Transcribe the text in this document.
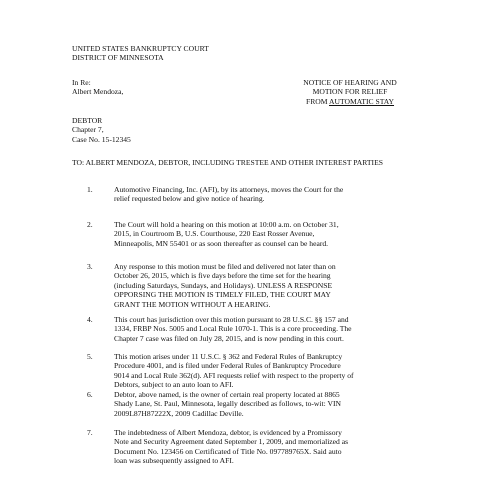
UNITED STATES BANKRUPTCY COURT
DISTRICT OF MINNESOTA
In Re:
Albert Mendoza,
NOTICE OF HEARING AND
MOTION FOR RELIEF
FROM AUTOMATIC STAY
DEBTOR
Chapter 7,
Case No. 15-12345
TO: ALBERT MENDOZA, DEBTOR, INCLUDING TRESTEE AND OTHER INTEREST PARTIES
1.	Automotive Financing, Inc. (AFI), by its attorneys, moves the Court for the
relief requested below and give notice of hearing.
2.	The Court will hold a hearing on this motion at 10:00 a.m. on October 31,
2015, in Courtroom B, U.S. Courthouse, 220 East Rosser Avenue,
Minneapolis, MN 55401 or as soon thereafter as counsel can be heard.
3.	Any response to this motion must be filed and delivered not later than on
October 26, 2015, which is five days before the time set for the hearing
(including Saturdays, Sundays, and Holidays). UNLESS A RESPONSE
OPPORSING THE MOTION IS TIMELY FILED, THE COURT MAY
GRANT THE MOTION WITHOUT A HEARING.
4.	This court has jurisdiction over this motion pursuant to 28 U.S.C. §§ 157 and
1334, FRBP Nos. 5005 and Local Rule 1070-1. This is a core proceeding. The
Chapter 7 case was filed on July 28, 2015, and is now pending in this court.
5.	This motion arises under 11 U.S.C. § 362 and Federal Rules of Bankruptcy
Procedure 4001, and is filed under Federal Rules of Bankruptcy Procedure
9014 and Local Rule 362(d). AFI requests relief with respect to the property of
Debtors, subject to an auto loan to AFI.
6.	Debtor, above named, is the owner of certain real property located at 8865
Shady Lane, St. Paul, Minnesota, legally described as follows, to-wit: VIN
2009L87H87222X, 2009 Cadillac Deville.
7.	The indebtedness of Albert Mendoza, debtor, is evidenced by a Promissory
Note and Security Agreement dated September 1, 2009, and memorialized as
Document No. 123456 on Certificated of Title No. 097789765X. Said auto
loan was subsequently assigned to AFI.
